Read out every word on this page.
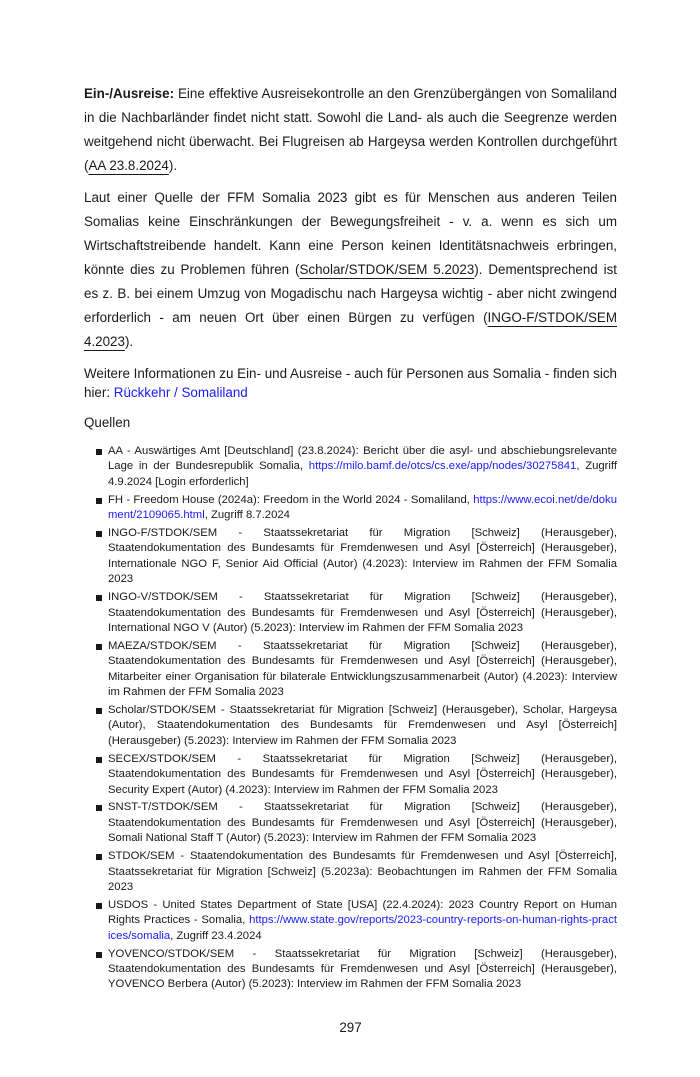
Ein-/Ausreise: Eine effektive Ausreisekontrolle an den Grenzübergängen von Somaliland in die Nachbarländer findet nicht statt. Sowohl die Land- als auch die Seegrenze werden weitgehend nicht überwacht. Bei Flugreisen ab Hargeysa werden Kontrollen durchgeführt (AA 23.8.2024).

Laut einer Quelle der FFM Somalia 2023 gibt es für Menschen aus anderen Teilen Somalias keine Einschränkungen der Bewegungsfreiheit - v. a. wenn es sich um Wirtschaftstreibende handelt. Kann eine Person keinen Identitätsnachweis erbringen, könnte dies zu Problemen führen (Scholar/STDOK/SEM 5.2023). Dementsprechend ist es z. B. bei einem Umzug von Mogadischu nach Hargeysa wichtig - aber nicht zwingend erforderlich - am neuen Ort über einen Bürgen zu verfügen (INGO-F/STDOK/SEM 4.2023).

Weitere Informationen zu Ein- und Ausreise - auch für Personen aus Somalia - finden sich hier: Rückkehr / Somaliland

Quellen
AA - Auswärtiges Amt [Deutschland] (23.8.2024): Bericht über die asyl- und abschiebungsrelevante Lage in der Bundesrepublik Somalia, https://milo.bamf.de/otcs/cs.exe/app/nodes/30275841, Zugriff 4.9.2024 [Login erforderlich]
FH - Freedom House (2024a): Freedom in the World 2024 - Somaliland, https://www.ecoi.net/de/dokument/2109065.html, Zugriff 8.7.2024
INGO-F/STDOK/SEM - Staatssekretariat für Migration [Schweiz] (Herausgeber), Staatendokumentation des Bundesamts für Fremdenwesen und Asyl [Österreich] (Herausgeber), Internationale NGO F, Senior Aid Official (Autor) (4.2023): Interview im Rahmen der FFM Somalia 2023
INGO-V/STDOK/SEM - Staatssekretariat für Migration [Schweiz] (Herausgeber), Staatendokumentation des Bundesamts für Fremdenwesen und Asyl [Österreich] (Herausgeber), International NGO V (Autor) (5.2023): Interview im Rahmen der FFM Somalia 2023
MAEZA/STDOK/SEM - Staatssekretariat für Migration [Schweiz] (Herausgeber), Staatendokumentation des Bundesamts für Fremdenwesen und Asyl [Österreich] (Herausgeber), Mitarbeiter einer Organisation für bilaterale Entwicklungszusammenarbeit (Autor) (4.2023): Interview im Rahmen der FFM Somalia 2023
Scholar/STDOK/SEM - Staatssekretariat für Migration [Schweiz] (Herausgeber), Scholar, Hargeysa (Autor), Staatendokumentation des Bundesamts für Fremdenwesen und Asyl [Österreich] (Herausgeber) (5.2023): Interview im Rahmen der FFM Somalia 2023
SECEX/STDOK/SEM - Staatssekretariat für Migration [Schweiz] (Herausgeber), Staatendokumentation des Bundesamts für Fremdenwesen und Asyl [Österreich] (Herausgeber), Security Expert (Autor) (4.2023): Interview im Rahmen der FFM Somalia 2023
SNST-T/STDOK/SEM - Staatssekretariat für Migration [Schweiz] (Herausgeber), Staatendokumentation des Bundesamts für Fremdenwesen und Asyl [Österreich] (Herausgeber), Somali National Staff T (Autor) (5.2023): Interview im Rahmen der FFM Somalia 2023
STDOK/SEM - Staatendokumentation des Bundesamts für Fremdenwesen und Asyl [Österreich], Staatssekretariat für Migration [Schweiz] (5.2023a): Beobachtungen im Rahmen der FFM Somalia 2023
USDOS - United States Department of State [USA] (22.4.2024): 2023 Country Report on Human Rights Practices - Somalia, https://www.state.gov/reports/2023-country-reports-on-human-rights-practices/somalia, Zugriff 23.4.2024
YOVENCO/STDOK/SEM - Staatssekretariat für Migration [Schweiz] (Herausgeber), Staatendokumentation des Bundesamts für Fremdenwesen und Asyl [Österreich] (Herausgeber), YOVENCO Berbera (Autor) (5.2023): Interview im Rahmen der FFM Somalia 2023
297
